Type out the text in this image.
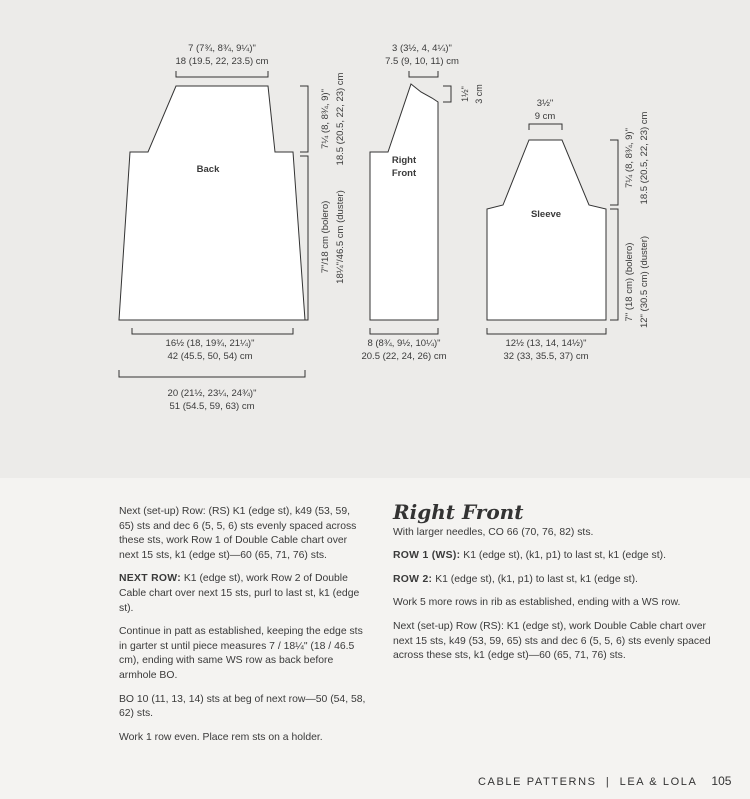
7 (7¾, 8¾, 9¼)"
18 (19.5, 22, 23.5) cm
Back
7¼ (8, 8¾, 9)" 18.5 (20.5, 22, 23) cm
7"/18 cm (bolero) 18¼"/46.5 cm (duster)
16½ (18, 19¾, 21¼)"
42 (45.5, 50, 54) cm
20 (21½, 23¼, 24¾)"
51 (54.5, 59, 63) cm
3 (3½, 4, 4¼)"
7.5 (9, 10, 11) cm
1½" 3 cm
Right
Front
8 (8¾, 9½, 10¼)"
20.5 (22, 24, 26) cm
3½"
9 cm
Sleeve
7¼ (8, 8¾, 9)" 18.5 (20.5, 22, 23) cm
7" (18 cm) (bolero) 12" (30.5 cm) (duster)
12½ (13, 14, 14½)"
32 (33, 35.5, 37) cm

Next (set-up) Row: (RS) K1 (edge st), k49 (53, 59, 65) sts and dec 6 (5, 5, 6) sts evenly spaced across these sts, work Row 1 of Double Cable chart over next 15 sts, k1 (edge st)—60 (65, 71, 76) sts.

NEXT ROW: K1 (edge st), work Row 2 of Double Cable chart over next 15 sts, purl to last st, k1 (edge st).

Continue in patt as established, keeping the edge sts in garter st until piece measures 7 / 18¼" (18 / 46.5 cm), ending with same WS row as back before armhole BO.

BO 10 (11, 13, 14) sts at beg of next row—50 (54, 58, 62) sts.

Work 1 row even. Place rem sts on a holder.

Right Front

With larger needles, CO 66 (70, 76, 82) sts.

ROW 1 (WS): K1 (edge st), (k1, p1) to last st, k1 (edge st).

ROW 2: K1 (edge st), (k1, p1) to last st, k1 (edge st).

Work 5 more rows in rib as established, ending with a WS row.

Next (set-up) Row (RS): K1 (edge st), work Double Cable chart over next 15 sts, k49 (53, 59, 65) sts and dec 6 (5, 5, 6) sts evenly spaced across these sts, k1 (edge st)—60 (65, 71, 76) sts.

CABLE PATTERNS  |  LEA & LOLA 105
